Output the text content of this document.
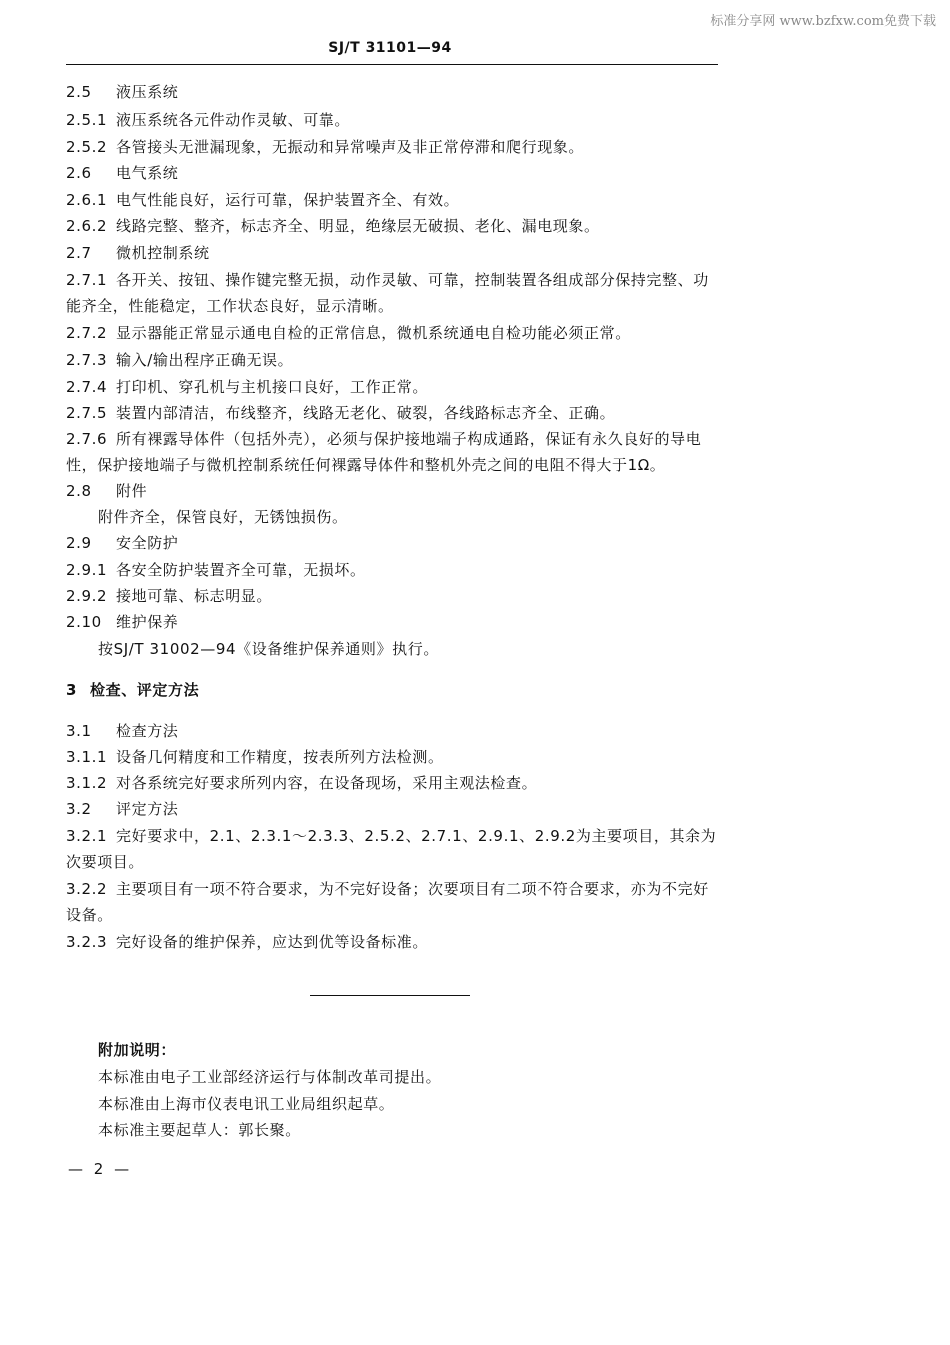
标准分享网 www.bzfxw.com免费下载
SJ/T 31101—94
2.5 液压系统
2.5.1 液压系统各元件动作灵敏、可靠。
2.5.2 各管接头无泄漏现象，无振动和异常噪声及非正常停滞和爬行现象。
2.6 电气系统
2.6.1 电气性能良好，运行可靠，保护装置齐全、有效。
2.6.2 线路完整、整齐，标志齐全、明显，绝缘层无破损、老化、漏电现象。
2.7 微机控制系统
2.7.1 各开关、按钮、操作键完整无损，动作灵敏、可靠，控制装置各组成部分保持完整、功能齐全，性能稳定，工作状态良好，显示清晰。
2.7.2 显示器能正常显示通电自检的正常信息，微机系统通电自检功能必须正常。
2.7.3 输入/输出程序正确无误。
2.7.4 打印机、穿孔机与主机接口良好，工作正常。
2.7.5 装置内部清洁，布线整齐，线路无老化、破裂，各线路标志齐全、正确。
2.7.6 所有裸露导体件（包括外壳），必须与保护接地端子构成通路，保证有永久良好的导电性，保护接地端子与微机控制系统任何裸露导体件和整机外壳之间的电阻不得大于1Ω。
2.8 附件
附件齐全，保管良好，无锈蚀损伤。
2.9 安全防护
2.9.1 各安全防护装置齐全可靠，无损坏。
2.9.2 接地可靠、标志明显。
2.10 维护保养
按SJ/T 31002—94《设备维护保养通则》执行。
3 检查、评定方法
3.1 检查方法
3.1.1 设备几何精度和工作精度，按表所列方法检测。
3.1.2 对各系统完好要求所列内容，在设备现场，采用主观法检查。
3.2 评定方法
3.2.1 完好要求中，2.1、2.3.1～2.3.3、2.5.2、2.7.1、2.9.1、2.9.2为主要项目，其余为次要项目。
3.2.2 主要项目有一项不符合要求，为不完好设备；次要项目有二项不符合要求，亦为不完好设备。
3.2.3 完好设备的维护保养，应达到优等设备标准。
附加说明：
本标准由电子工业部经济运行与体制改革司提出。
本标准由上海市仪表电讯工业局组织起草。
本标准主要起草人：郭长聚。
— 2 —
